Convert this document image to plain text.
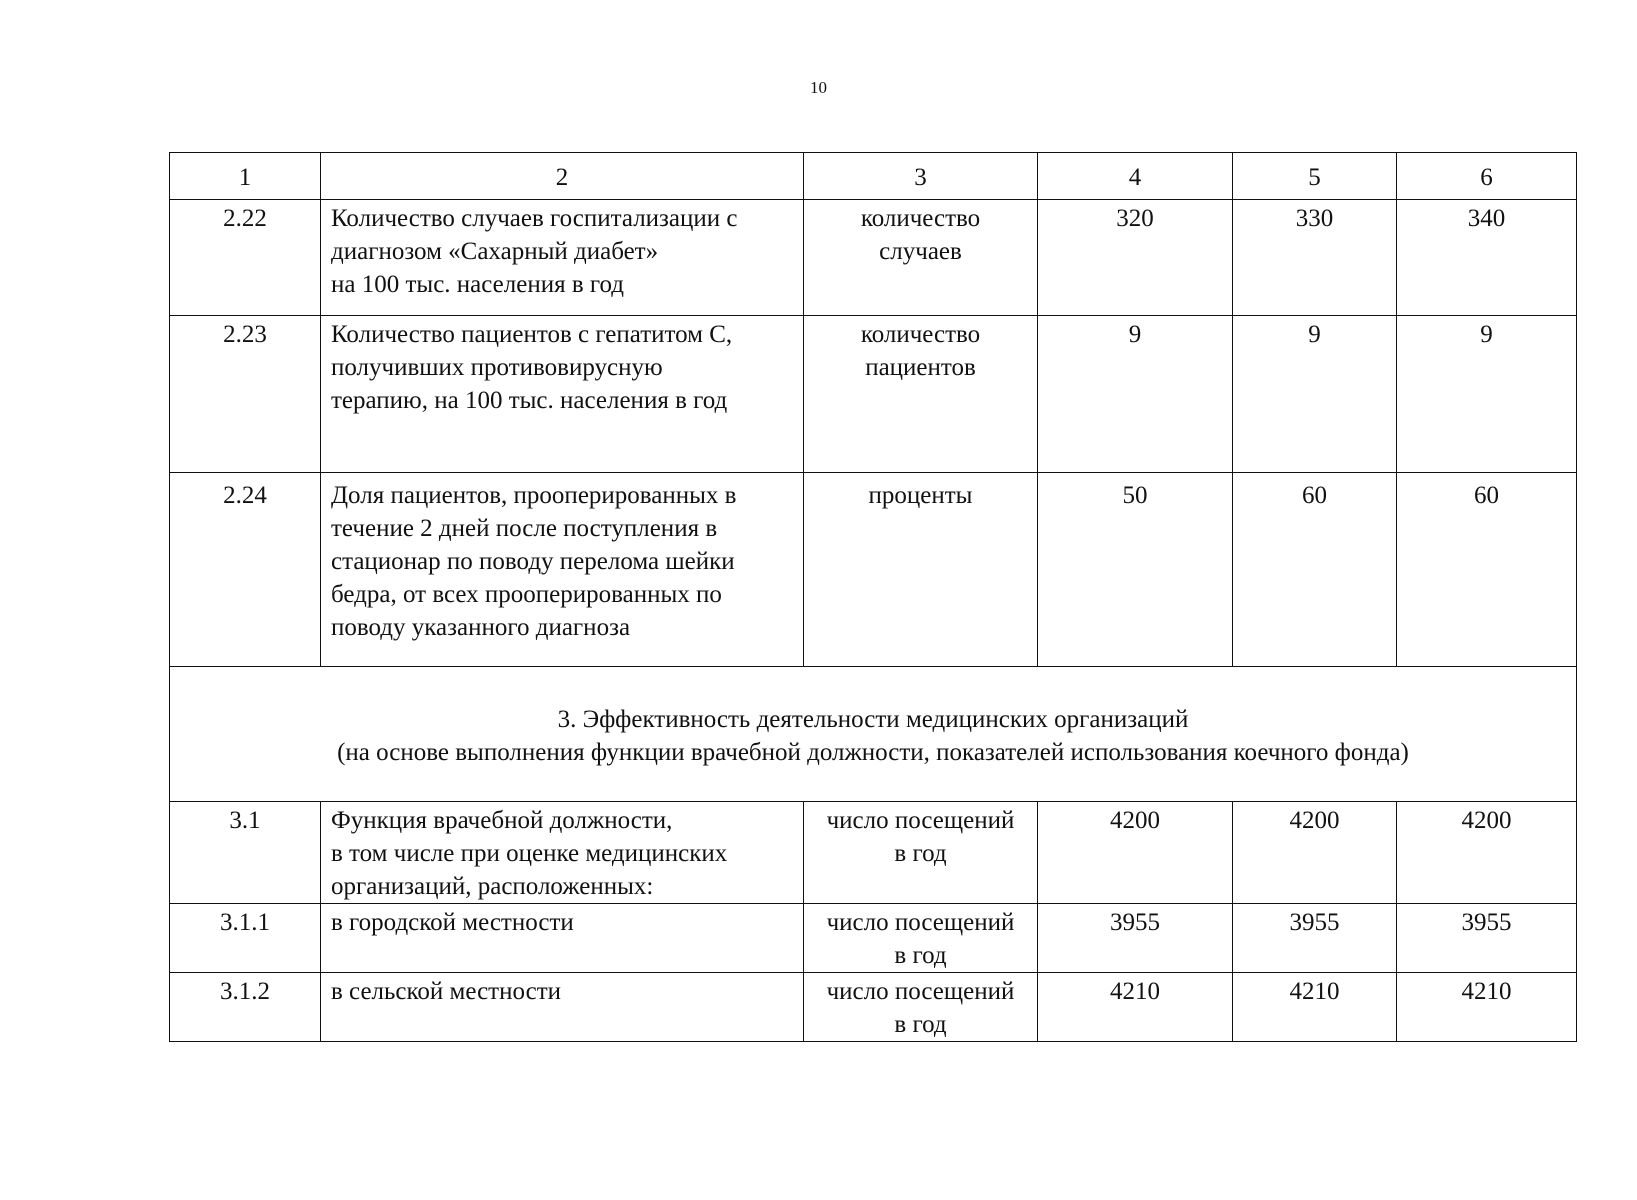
10
1	2	3	4	5	6
2.22	Количество случаев госпитализации с
диагнозом «Сахарный диабет»
на 100 тыс. населения в год	количество
случаев	320	330	340
2.23	Количество пациентов с гепатитом С,
получивших противовирусную
терапию, на 100 тыс. населения в год	количество
пациентов	9	9	9
2.24	Доля пациентов, прооперированных в
течение 2 дней после поступления в
стационар по поводу перелома шейки
бедра, от всех прооперированных по
поводу указанного диагноза	проценты	50	60	60

3. Эффективность деятельности медицинских организаций
(на основе выполнения функции врачебной должности, показателей использования коечного фонда)					

3.1	Функция врачебной должности,
в том числе при оценке медицинских
организаций, расположенных:	число посещений
в год	4200	4200	4200
3.1.1	в городской местности	число посещений
в год	3955	3955	3955
3.1.2	в сельской местности	число посещений
в год	4210	4210	4210
